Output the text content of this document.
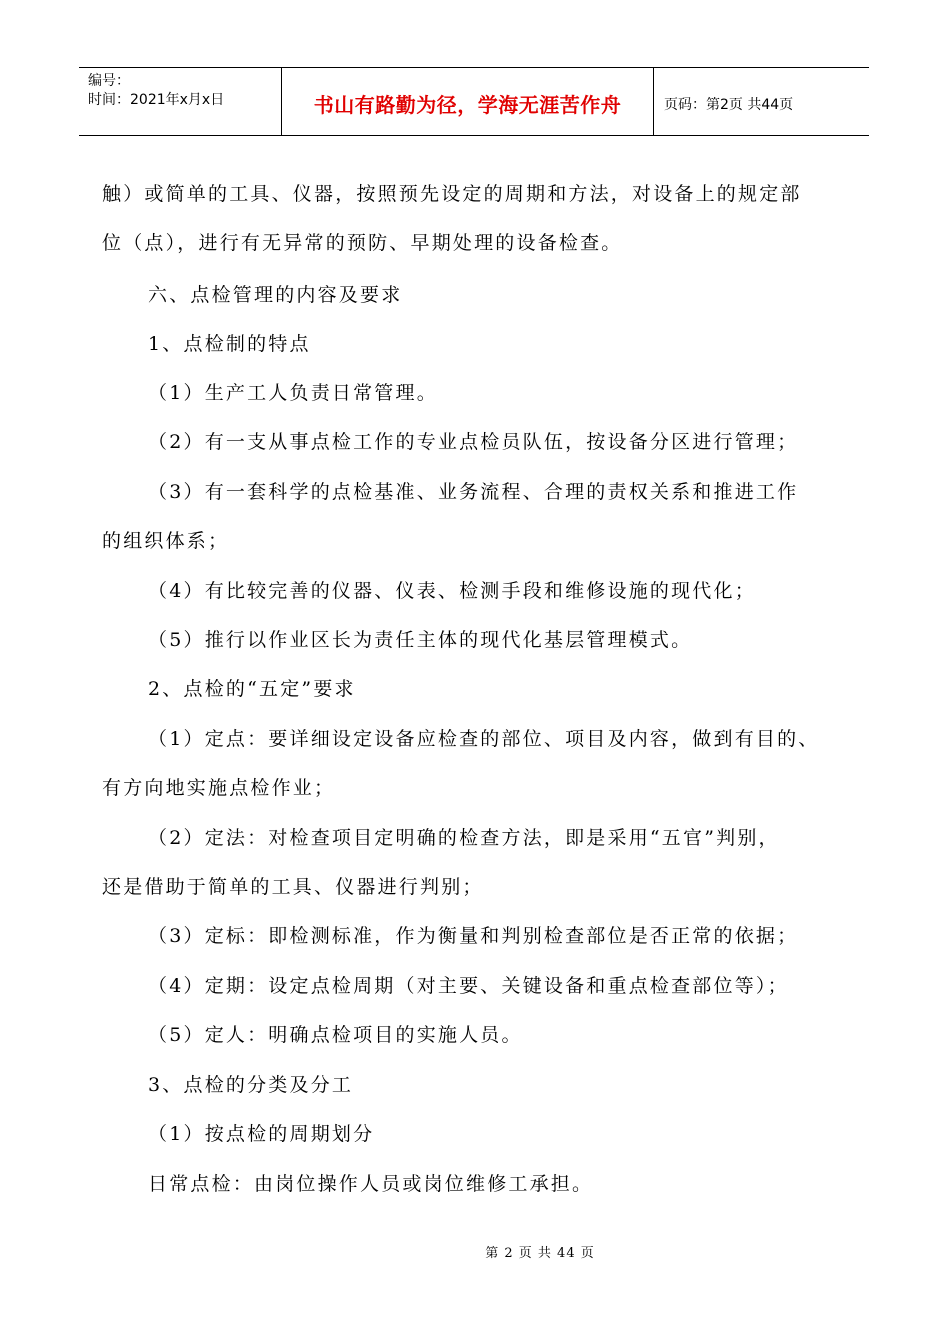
编号：
时间：2021年x月x日	书山有路勤为径，学海无涯苦作舟	页码：第2页 共44页
触）或简单的工具、仪器，按照预先设定的周期和方法，对设备上的规定部
位（点），进行有无异常的预防、早期处理的设备检查。
六、点检管理的内容及要求
1、点检制的特点
（1）生产工人负责日常管理。
（2）有一支从事点检工作的专业点检员队伍，按设备分区进行管理；
（3）有一套科学的点检基准、业务流程、合理的责权关系和推进工作
的组织体系；
（4）有比较完善的仪器、仪表、检测手段和维修设施的现代化；
（5）推行以作业区长为责任主体的现代化基层管理模式。
2、点检的“五定”要求
（1）定点：要详细设定设备应检查的部位、项目及内容，做到有目的、
有方向地实施点检作业；
（2）定法：对检查项目定明确的检查方法，即是采用“五官”判别，
还是借助于简单的工具、仪器进行判别；
（3）定标：即检测标准，作为衡量和判别检查部位是否正常的依据；
（4）定期：设定点检周期（对主要、关键设备和重点检查部位等）；
（5）定人：明确点检项目的实施人员。
3、点检的分类及分工
（1）按点检的周期划分
日常点检：由岗位操作人员或岗位维修工承担。
第 2 页 共 44 页
